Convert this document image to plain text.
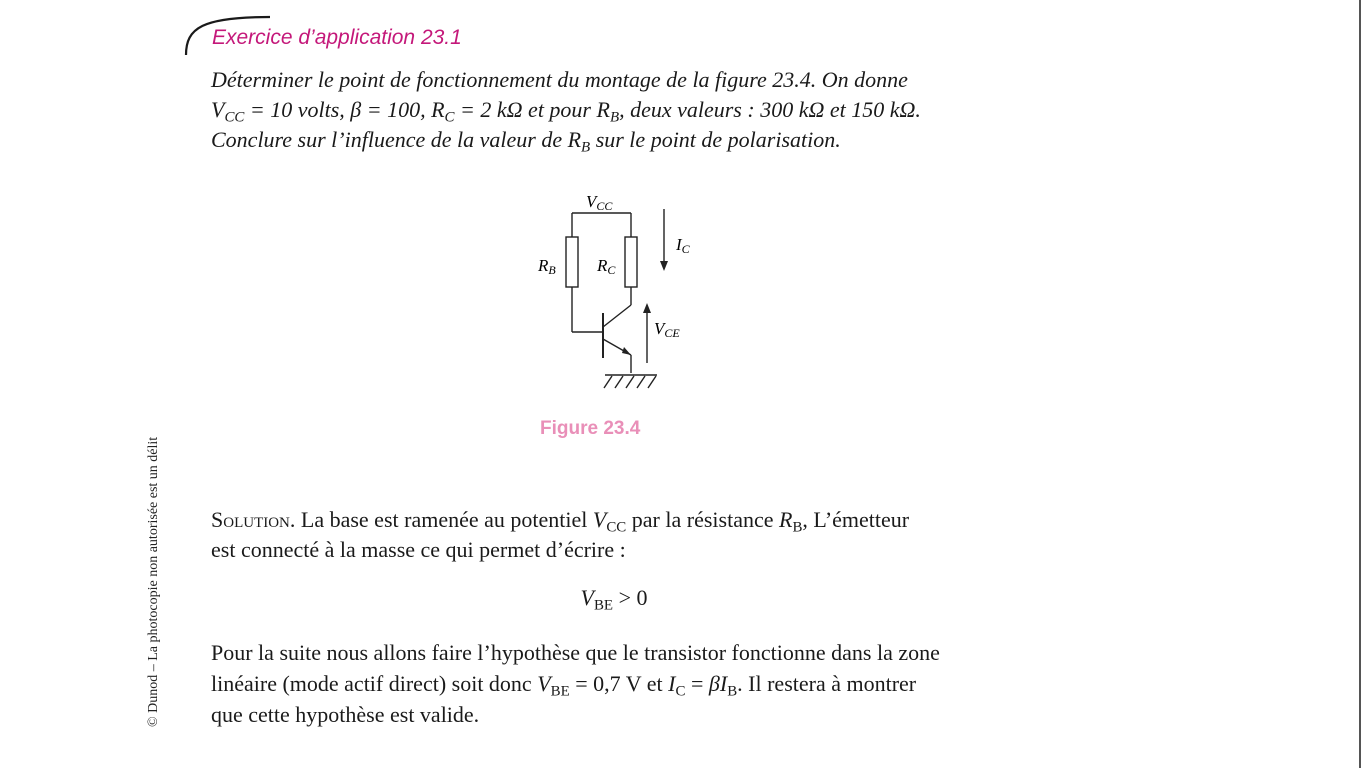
© Dunod – La photocopie non autorisée est un délit
Exercice d’application 23.1
Déterminer le point de fonctionnement du montage de la figure 23.4. On donne
$V_{CC} = 10$ volts, β = 100, $R_C = 2$ kΩ et pour $R_B$, deux valeurs : 300 kΩ et 150 kΩ.
Conclure sur l’influence de la valeur de $R_B$ sur le point de polarisation.
VCC
RB RC
IC
VCE
Figure 23.4
Solution. La base est ramenée au potentiel $V_{CC}$ par la résistance $R_B$, L’émetteur
est connecté à la masse ce qui permet d’écrire :
$V_{BE} > 0$
Pour la suite nous allons faire l’hypothèse que le transistor fonctionne dans la zone
linéaire (mode actif direct) soit donc $V_{BE} = 0,7$ V et $I_C = \beta I_B$. Il restera à montrer
que cette hypothèse est valide.
